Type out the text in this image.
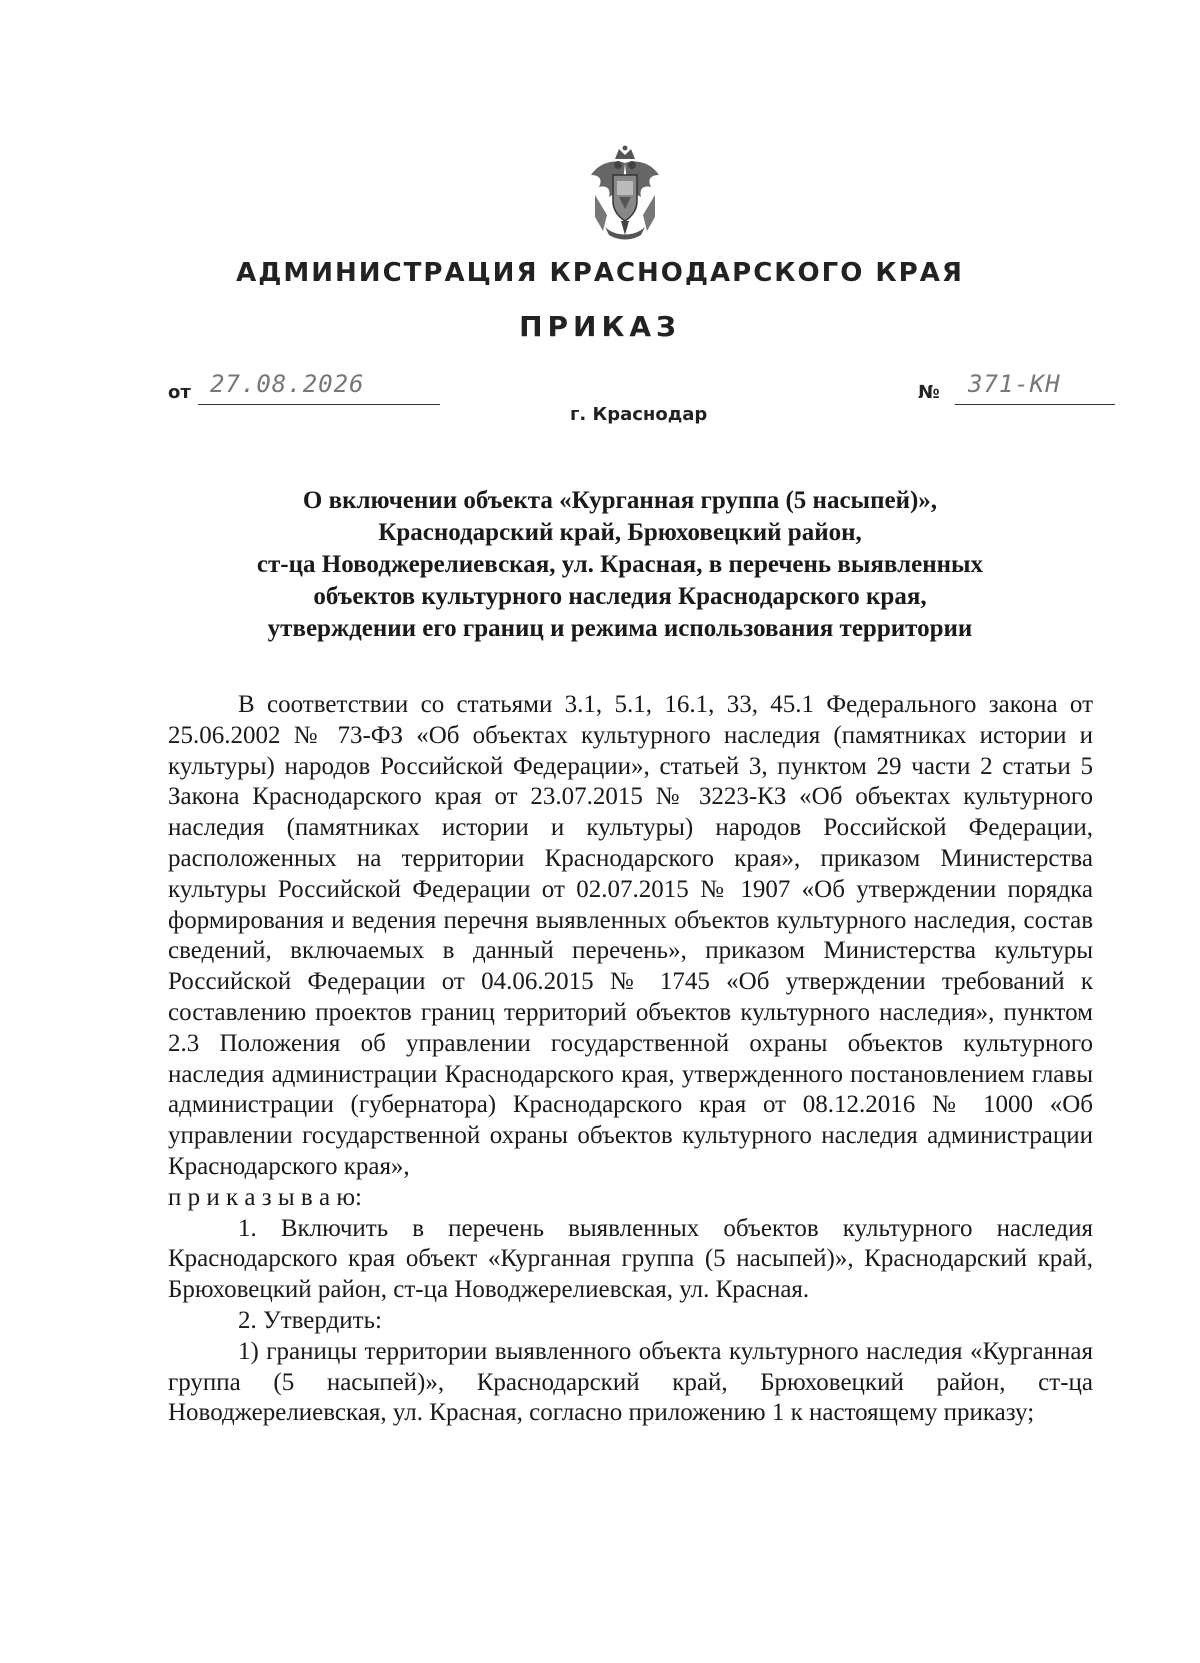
АДМИНИСТРАЦИЯ КРАСНОДАРСКОГО КРАЯ
ПРИКАЗ
от 27.08.2026	№ 371-КН
г. Краснодар
О включении объекта «Курганная группа (5 насыпей)»,
Краснодарский край, Брюховецкий район,
ст-ца Новоджерелиевская, ул. Красная, в перечень выявленных
объектов культурного наследия Краснодарского края,
утверждении его границ и режима использования территории

В соответствии со статьями 3.1, 5.1, 16.1, 33, 45.1 Федерального закона от 25.06.2002 № 73-ФЗ «Об объектах культурного наследия (памятниках истории и культуры) народов Российской Федерации», статьей 3, пунктом 29 части 2 статьи 5 Закона Краснодарского края от 23.07.2015 № 3223-КЗ «Об объектах культурного наследия (памятниках истории и культуры) народов Российской Федерации, расположенных на территории Краснодарского края», приказом Министерства культуры Российской Федерации от 02.07.2015 № 1907 «Об утверждении порядка формирования и ведения перечня выявленных объектов культурного наследия, состав сведений, включаемых в данный перечень», приказом Министерства культуры Российской Федерации от 04.06.2015 № 1745 «Об утверждении требований к составлению проектов границ территорий объектов культурного наследия», пунктом 2.3 Положения об управлении государственной охраны объектов культурного наследия администрации Краснодарского края, утвержденного постановлением главы администрации (губернатора) Краснодарского края от 08.12.2016 № 1000 «Об управлении государственной охраны объектов культурного наследия администрации Краснодарского края»,

п р и к а з ы в а ю:

1. Включить в перечень выявленных объектов культурного наследия Краснодарского края объект «Курганная группа (5 насыпей)», Краснодарский край, Брюховецкий район, ст-ца Новоджерелиевская, ул. Красная.

2. Утвердить:

1) границы территории выявленного объекта культурного наследия «Курганная группа (5 насыпей)», Краснодарский край, Брюховецкий район, ст-ца Новоджерелиевская, ул. Красная, согласно приложению 1 к настоящему приказу;
